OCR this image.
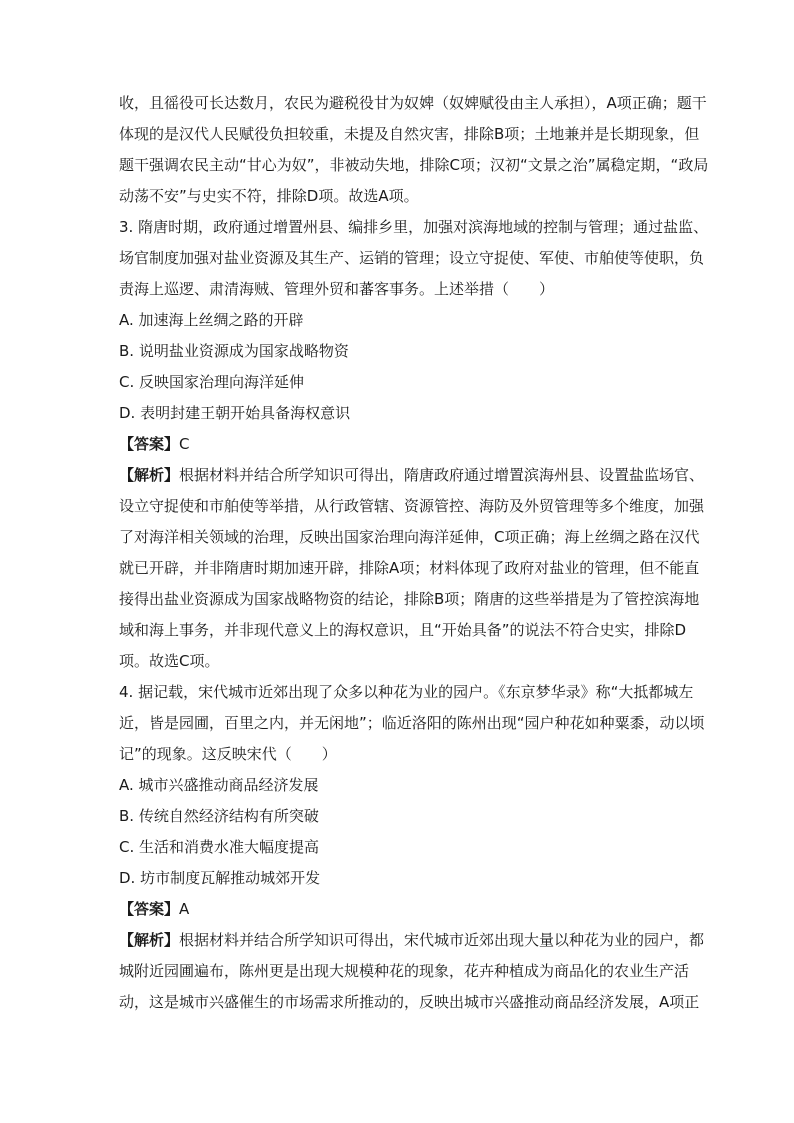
收，且徭役可长达数月，农民为避税役甘为奴婢（奴婢赋役由主人承担），A项正确；题干
体现的是汉代人民赋役负担较重，未提及自然灾害，排除B项；土地兼并是长期现象，但
题干强调农民主动“甘心为奴”，非被动失地，排除C项；汉初“文景之治”属稳定期，“政局
动荡不安”与史实不符，排除D项。故选A项。
3. 隋唐时期，政府通过增置州县、编排乡里，加强对滨海地域的控制与管理；通过盐监、
场官制度加强对盐业资源及其生产、运销的管理；设立守捉使、军使、市舶使等使职，负
责海上巡逻、肃清海贼、管理外贸和蕃客事务。上述举措（　　）
A. 加速海上丝绸之路的开辟
B. 说明盐业资源成为国家战略物资
C. 反映国家治理向海洋延伸
D. 表明封建王朝开始具备海权意识
【答案】C
【解析】根据材料并结合所学知识可得出，隋唐政府通过增置滨海州县、设置盐监场官、
设立守捉使和市舶使等举措，从行政管辖、资源管控、海防及外贸管理等多个维度，加强
了对海洋相关领域的治理，反映出国家治理向海洋延伸，C项正确；海上丝绸之路在汉代
就已开辟，并非隋唐时期加速开辟，排除A项；材料体现了政府对盐业的管理，但不能直
接得出盐业资源成为国家战略物资的结论，排除B项；隋唐的这些举措是为了管控滨海地
域和海上事务，并非现代意义上的海权意识，且“开始具备”的说法不符合史实，排除D
项。故选C项。
4. 据记载，宋代城市近郊出现了众多以种花为业的园户。《东京梦华录》称“大抵都城左
近，皆是园圃，百里之内，并无闲地”；临近洛阳的陈州出现“园户种花如种粟黍，动以顷
记”的现象。这反映宋代（　　）
A. 城市兴盛推动商品经济发展
B. 传统自然经济结构有所突破
C. 生活和消费水准大幅度提高
D. 坊市制度瓦解推动城郊开发
【答案】A
【解析】根据材料并结合所学知识可得出，宋代城市近郊出现大量以种花为业的园户，都
城附近园圃遍布，陈州更是出现大规模种花的现象，花卉种植成为商品化的农业生产活
动，这是城市兴盛催生的市场需求所推动的，反映出城市兴盛推动商品经济发展，A项正
